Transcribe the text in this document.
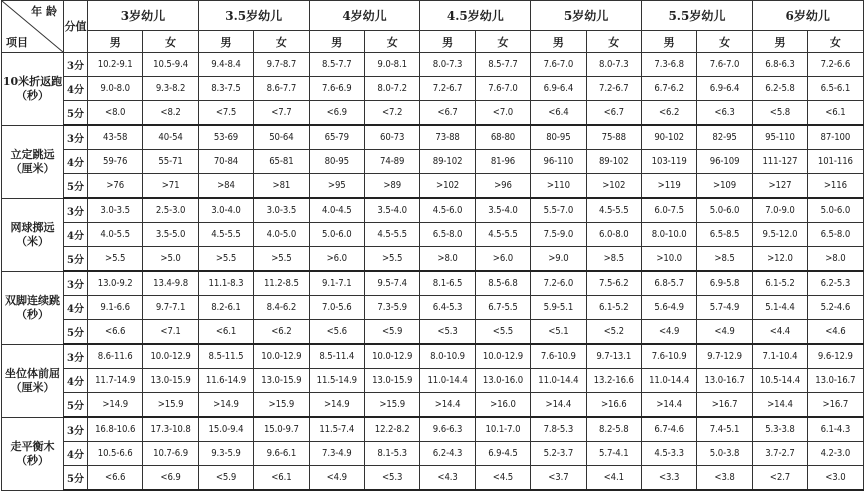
年 龄
项目	分值	3岁幼儿		3.5岁幼儿		4岁幼儿		4.5岁幼儿		5岁幼儿		5.5岁幼儿		6岁幼儿	
		男	女	男	女	男	女	男	女	男	女	男	女	男	女
10米折返跑（秒）	3分	10.2-9.1	10.5-9.4	9.4-8.4	9.7-8.7	8.5-7.7	9.0-8.1	8.0-7.3	8.5-7.7	7.6-7.0	8.0-7.3	7.3-6.8	7.6-7.0	6.8-6.3	7.2-6.6
	4分	9.0-8.0	9.3-8.2	8.3-7.5	8.6-7.7	7.6-6.9	8.0-7.2	7.2-6.7	7.6-7.0	6.9-6.4	7.2-6.7	6.7-6.2	6.9-6.4	6.2-5.8	6.5-6.1
	5分	<8.0	<8.2	<7.5	<7.7	<6.9	<7.2	<6.7	<7.0	<6.4	<6.7	<6.2	<6.3	<5.8	<6.1
立定跳远（厘米）	3分	43-58	40-54	53-69	50-64	65-79	60-73	73-88	68-80	80-95	75-88	90-102	82-95	95-110	87-100
	4分	59-76	55-71	70-84	65-81	80-95	74-89	89-102	81-96	96-110	89-102	103-119	96-109	111-127	101-116
	5分	>76	>71	>84	>81	>95	>89	>102	>96	>110	>102	>119	>109	>127	>116
网球掷远（米）	3分	3.0-3.5	2.5-3.0	3.0-4.0	3.0-3.5	4.0-4.5	3.5-4.0	4.5-6.0	3.5-4.0	5.5-7.0	4.5-5.5	6.0-7.5	5.0-6.0	7.0-9.0	5.0-6.0
	4分	4.0-5.5	3.5-5.0	4.5-5.5	4.0-5.0	5.0-6.0	4.5-5.5	6.5-8.0	4.5-5.5	7.5-9.0	6.0-8.0	8.0-10.0	6.5-8.5	9.5-12.0	6.5-8.0
	5分	>5.5	>5.0	>5.5	>5.5	>6.0	>5.5	>8.0	>6.0	>9.0	>8.5	>10.0	>8.5	>12.0	>8.0
双脚连续跳（秒）	3分	13.0-9.2	13.4-9.8	11.1-8.3	11.2-8.5	9.1-7.1	9.5-7.4	8.1-6.5	8.5-6.8	7.2-6.0	7.5-6.2	6.8-5.7	6.9-5.8	6.1-5.2	6.2-5.3
	4分	9.1-6.6	9.7-7.1	8.2-6.1	8.4-6.2	7.0-5.6	7.3-5.9	6.4-5.3	6.7-5.5	5.9-5.1	6.1-5.2	5.6-4.9	5.7-4.9	5.1-4.4	5.2-4.6
	5分	<6.6	<7.1	<6.1	<6.2	<5.6	<5.9	<5.3	<5.5	<5.1	<5.2	<4.9	<4.9	<4.4	<4.6
坐位体前屈（厘米）	3分	8.6-11.6	10.0-12.9	8.5-11.5	10.0-12.9	8.5-11.4	10.0-12.9	8.0-10.9	10.0-12.9	7.6-10.9	9.7-13.1	7.6-10.9	9.7-12.9	7.1-10.4	9.6-12.9
	4分	11.7-14.9	13.0-15.9	11.6-14.9	13.0-15.9	11.5-14.9	13.0-15.9	11.0-14.4	13.0-16.0	11.0-14.4	13.2-16.6	11.0-14.4	13.0-16.7	10.5-14.4	13.0-16.7
	5分	>14.9	>15.9	>14.9	>15.9	>14.9	>15.9	>14.4	>16.0	>14.4	>16.6	>14.4	>16.7	>14.4	>16.7
走平衡木（秒）	3分	16.8-10.6	17.3-10.8	15.0-9.4	15.0-9.7	11.5-7.4	12.2-8.2	9.6-6.3	10.1-7.0	7.8-5.3	8.2-5.8	6.7-4.6	7.4-5.1	5.3-3.8	6.1-4.3
	4分	10.5-6.6	10.7-6.9	9.3-5.9	9.6-6.1	7.3-4.9	8.1-5.3	6.2-4.3	6.9-4.5	5.2-3.7	5.7-4.1	4.5-3.3	5.0-3.8	3.7-2.7	4.2-3.0
	5分	<6.6	<6.9	<5.9	<6.1	<4.9	<5.3	<4.3	<4.5	<3.7	<4.1	<3.3	<3.8	<2.7	<3.0
